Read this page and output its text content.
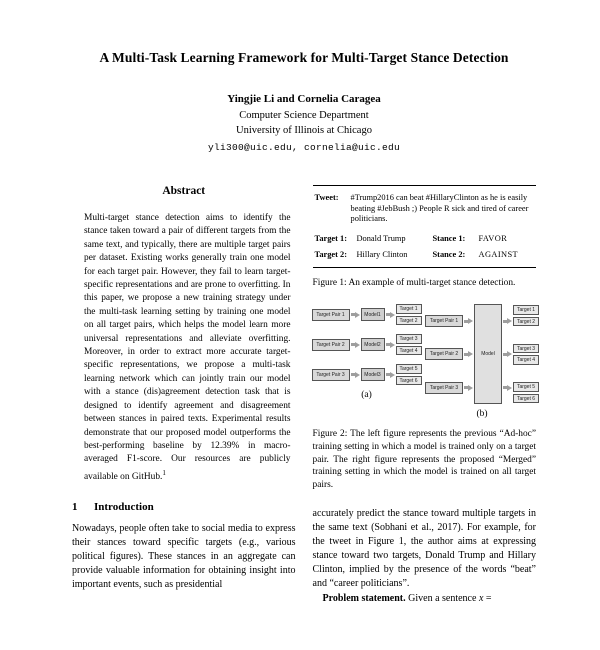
A Multi-Task Learning Framework for Multi-Target Stance Detection
Yingjie Li and Cornelia Caragea
Computer Science Department
University of Illinois at Chicago
yli300@uic.edu, cornelia@uic.edu
Abstract
Multi-target stance detection aims to identify the stance taken toward a pair of different targets from the same text, and typically, there are multiple target pairs per dataset. Existing works generally train one model for each target pair. However, they fail to learn target-specific representations and are prone to overfitting. In this paper, we propose a new training strategy under the multi-task learning setting by training one model on all target pairs, which helps the model learn more universal representations and alleviate overfitting. Moreover, in order to extract more accurate target-specific representations, we propose a multi-task learning network which can jointly train our model with a stance (dis)agreement detection task that is designed to identify agreement and disagreement between stances in paired texts. Experimental results demonstrate that our proposed model outperforms the best-performing baseline by 12.39% in macro-averaged F1-score. Our resources are publicly available on GitHub.$^1$
1	Introduction
Nowadays, people often take to social media to express their stances toward specific targets (e.g., various political figures). These stances in an aggregate can provide valuable information for obtaining insight into important events, such as presidential
Tweet:	#Trump2016 can beat #HillaryClinton as he is easily beating #JebBush ;) People R sick and tired of career politicians.
Target 1:	Donald Trump	Stance 1:	FAVOR
Target 2:	Hillary Clinton	Stance 2:	AGAINST
Figure 1: An example of multi-target stance detection.
Target Pair 1	Model1
Target 1
Target 2
Target Pair 2	Model2
Target 3
Target 4
Target Pair 3	Model3
Target 5
Target 6
(a)
Target Pair 1
Target Pair 2
Target Pair 3
Model
Target 1
Target 2
Target 3
Target 4
Target 5
Target 6
(b)
Figure 2: The left figure represents the previous “Ad-hoc” training setting in which a model is trained only on a target pair. The right figure represents the proposed “Merged” training setting in which the model is trained on all target pairs.
accurately predict the stance toward multiple targets in the same text (Sobhani et al., 2017). For example, for the tweet in Figure 1, the author aims at expressing stance toward two targets, Donald Trump and Hillary Clinton, implied by the presence of the words “beat” and “career politicians”.
Problem statement. Given a sentence x =
